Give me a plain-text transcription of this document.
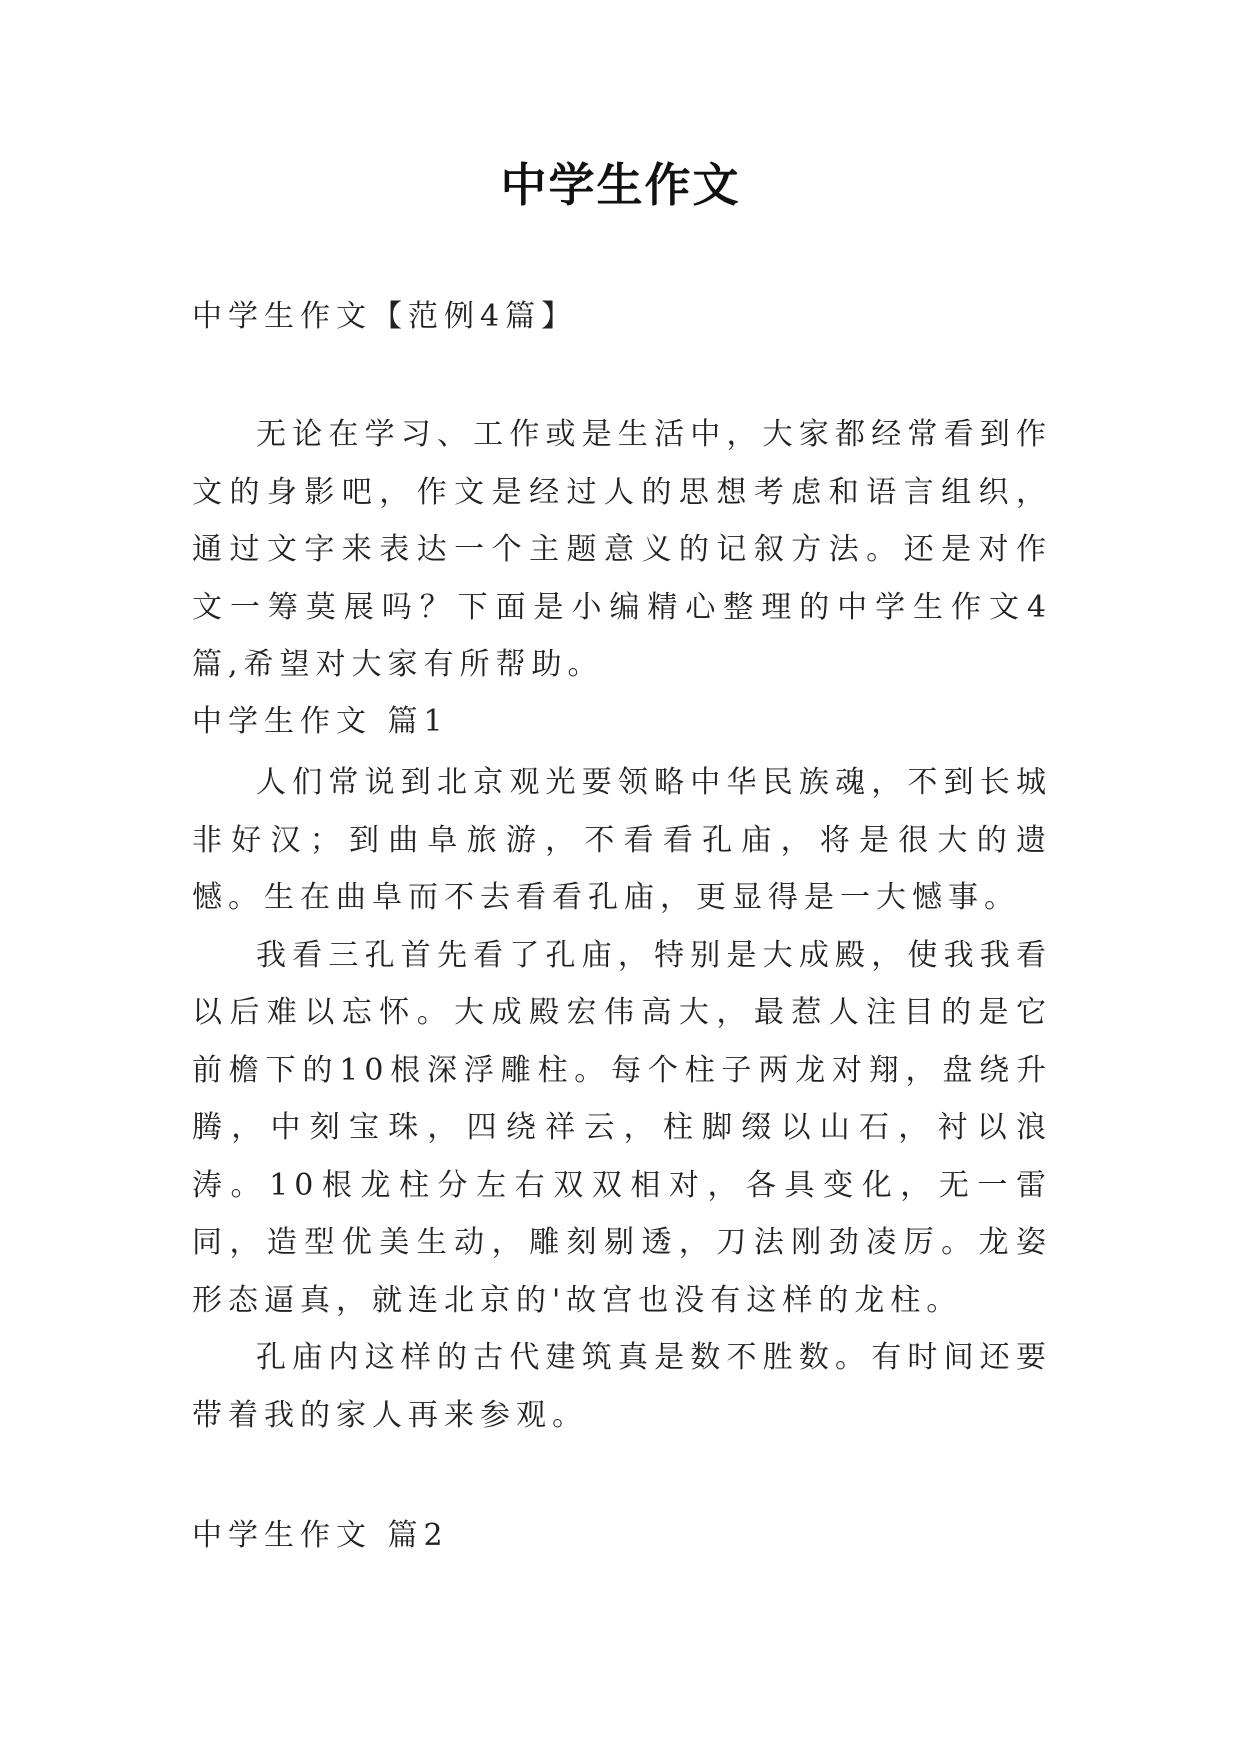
中学生作文
中学生作文【范例4篇】

无论在学习、工作或是生活中，大家都经常看到作文的身影吧，作文是经过人的思想考虑和语言组织，通过文字来表达一个主题意义的记叙方法。还是对作文一筹莫展吗？下面是小编精心整理的中学生作文4篇,希望对大家有所帮助。

中学生作文 篇1

人们常说到北京观光要领略中华民族魂，不到长城非好汉；到曲阜旅游，不看看孔庙，将是很大的遗憾。生在曲阜而不去看看孔庙，更显得是一大憾事。

我看三孔首先看了孔庙，特别是大成殿，使我我看以后难以忘怀。大成殿宏伟高大，最惹人注目的是它前檐下的10根深浮雕柱。每个柱子两龙对翔，盘绕升腾，中刻宝珠，四绕祥云，柱脚缀以山石，衬以浪涛。10根龙柱分左右双双相对，各具变化，无一雷同，造型优美生动，雕刻剔透，刀法刚劲凌厉。龙姿形态逼真，就连北京的'故宫也没有这样的龙柱。

孔庙内这样的古代建筑真是数不胜数。有时间还要带着我的家人再来参观。

中学生作文 篇2
